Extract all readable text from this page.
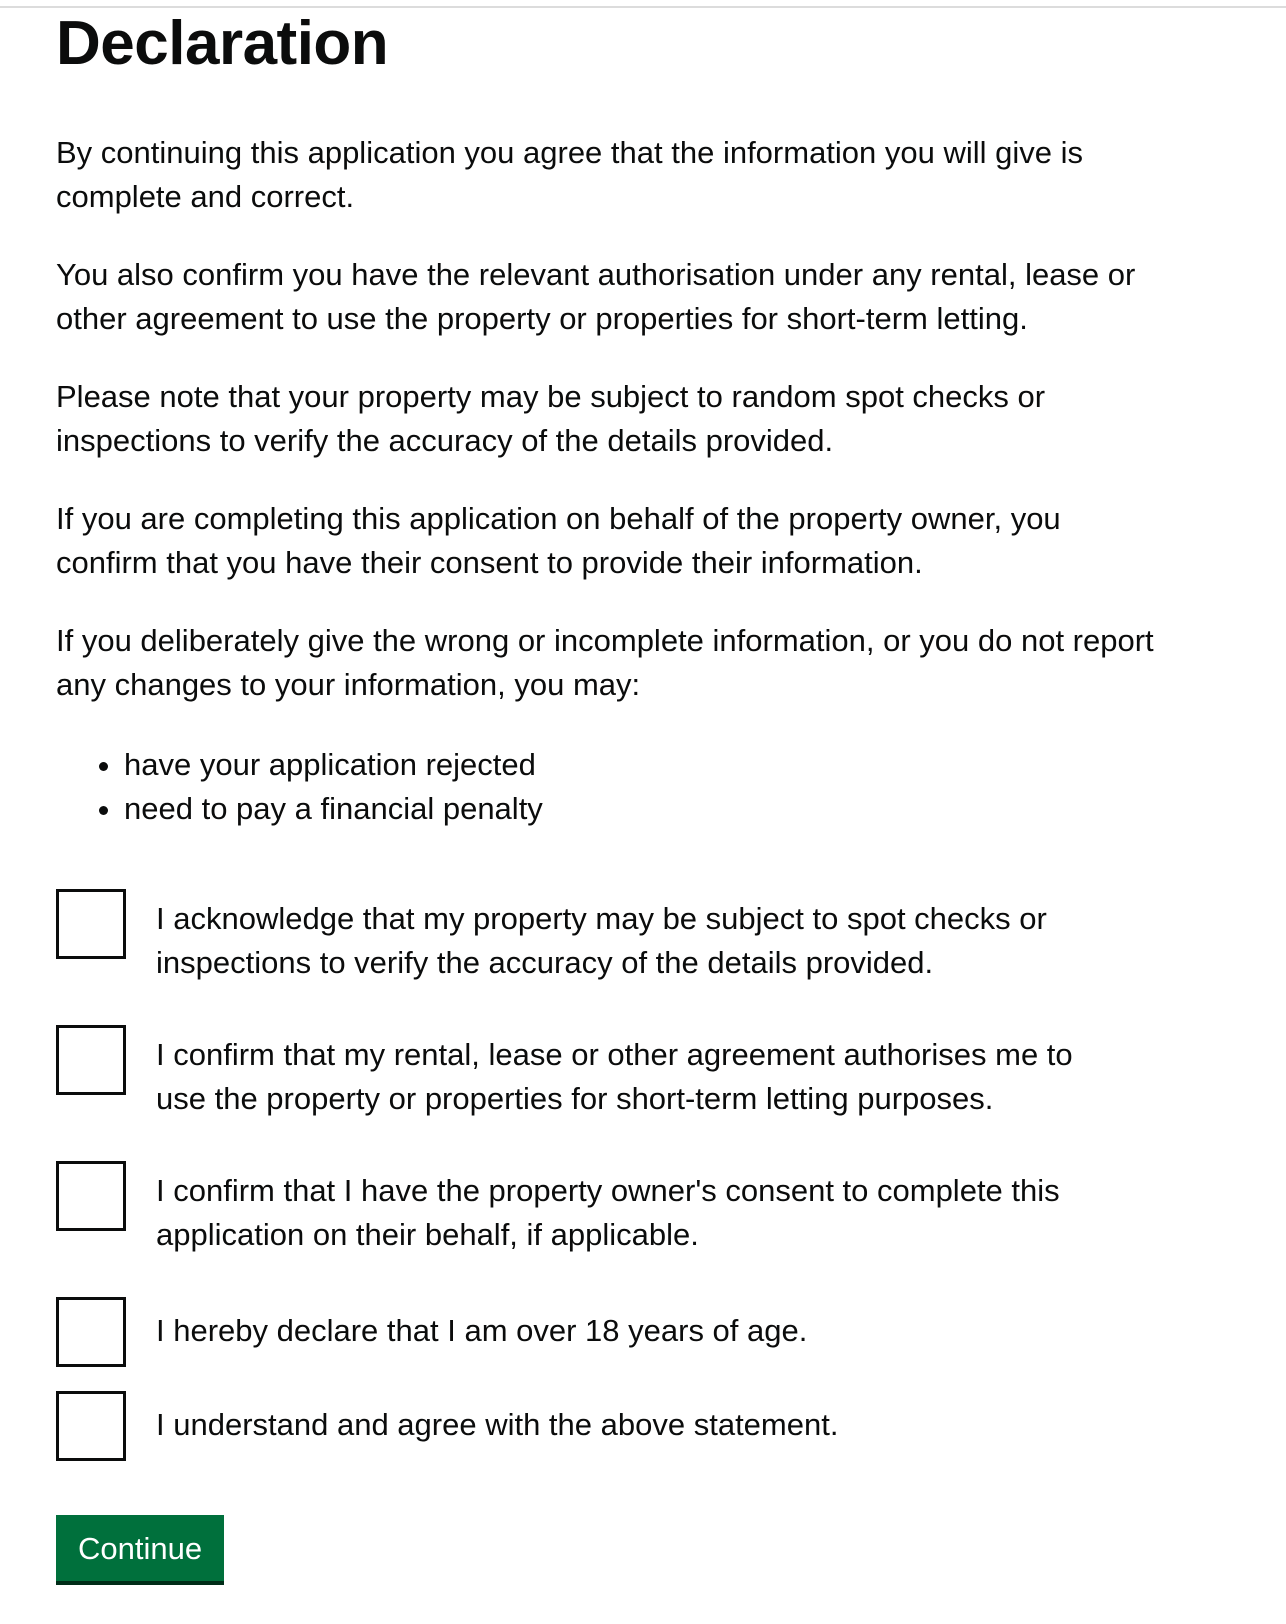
Declaration

By continuing this application you agree that the information you will give is complete and correct.

You also confirm you have the relevant authorisation under any rental, lease or other agreement to use the property or properties for short-term letting.

Please note that your property may be subject to random spot checks or inspections to verify the accuracy of the details provided.

If you are completing this application on behalf of the property owner, you confirm that you have their consent to provide their information.

If you deliberately give the wrong or incomplete information, or you do not report any changes to your information, you may:

• have your application rejected
• need to pay a financial penalty
I acknowledge that my property may be subject to spot checks or inspections to verify the accuracy of the details provided.
I confirm that my rental, lease or other agreement authorises me to use the property or properties for short-term letting purposes.
I confirm that I have the property owner's consent to complete this application on their behalf, if applicable.
I hereby declare that I am over 18 years of age.
I understand and agree with the above statement.
Continue
